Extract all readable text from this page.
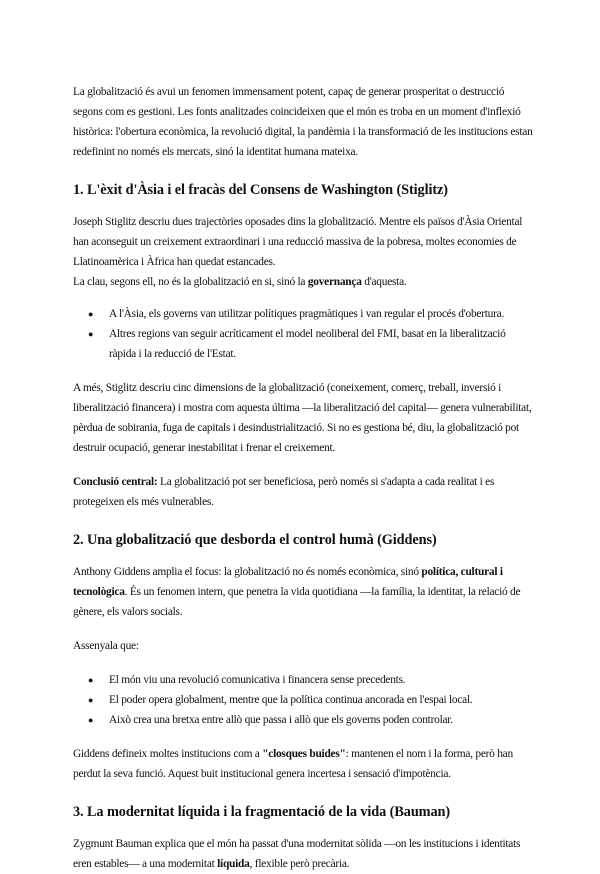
La globalització és avui un fenomen immensament potent, capaç de generar prosperitat o destrucció segons com es gestioni. Les fonts analitzades coincideixen que el món es troba en un moment d'inflexió històrica: l'obertura econòmica, la revolució digital, la pandèmia i la transformació de les institucions estan redefinint no només els mercats, sinó la identitat humana mateixa.

1. L'èxit d'Àsia i el fracàs del Consens de Washington (Stiglitz)

Joseph Stiglitz descriu dues trajectòries oposades dins la globalització. Mentre els països d'Àsia Oriental han aconseguit un creixement extraordinari i una reducció massiva de la pobresa, moltes economies de Llatinoamèrica i Àfrica han quedat estancades.

La clau, segons ell, no és la globalització en si, sinó la governança d'aquesta.

● A l'Àsia, els governs van utilitzar polítiques pragmàtiques i van regular el procés d'obertura.
● Altres regions van seguir acríticament el model neoliberal del FMI, basat en la liberalització ràpida i la reducció de l'Estat.

A més, Stiglitz descriu cinc dimensions de la globalització (coneixement, comerç, treball, inversió i liberalització financera) i mostra com aquesta última —la liberalització del capital— genera vulnerabilitat, pèrdua de sobirania, fuga de capitals i desindustrialització. Si no es gestiona bé, diu, la globalització pot destruir ocupació, generar inestabilitat i frenar el creixement.

Conclusió central: La globalització pot ser beneficiosa, però només si s'adapta a cada realitat i es protegeixen els més vulnerables.

2. Una globalització que desborda el control humà (Giddens)

Anthony Giddens amplia el focus: la globalització no és només econòmica, sinó política, cultural i tecnològica. És un fenomen intern, que penetra la vida quotidiana —la família, la identitat, la relació de gènere, els valors socials.

Assenyala que:

● El món viu una revolució comunicativa i financera sense precedents.
● El poder opera globalment, mentre que la política continua ancorada en l'espai local.
● Això crea una bretxa entre allò que passa i allò que els governs poden controlar.

Giddens defineix moltes institucions com a "closques buides": mantenen el nom i la forma, però han perdut la seva funció. Aquest buit institucional genera incertesa i sensació d'impotència.

3. La modernitat líquida i la fragmentació de la vida (Bauman)

Zygmunt Bauman explica que el món ha passat d'una modernitat sòlida —on les institucions i identitats eren estables— a una modernitat líquida, flexible però precària.
